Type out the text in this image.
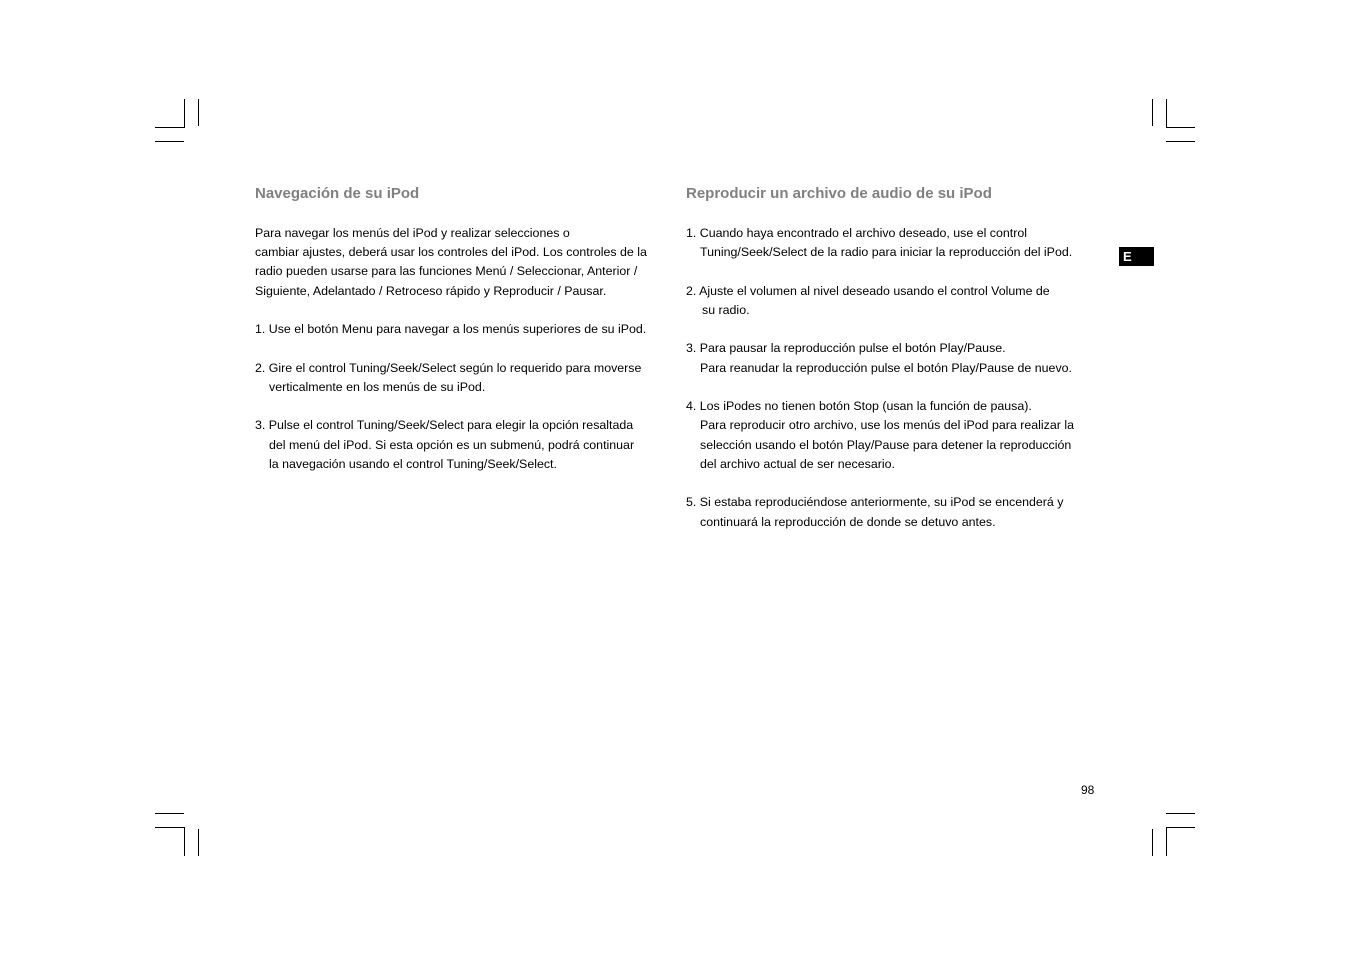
Navegación de su iPod
Para navegar los menús del iPod y realizar selecciones o
cambiar ajustes, deberá usar los controles del iPod. Los controles de la
radio pueden usarse para las funciones Menú / Seleccionar, Anterior /
Siguiente, Adelantado / Retroceso rápido y Reproducir / Pausar.
1. Use el botón Menu para navegar a los menús superiores de su iPod.
2. Gire el control Tuning/Seek/Select según lo requerido para moverse
verticalmente en los menús de su iPod.
3. Pulse el control Tuning/Seek/Select para elegir la opción resaltada
del menú del iPod. Si esta opción es un submenú, podrá continuar
la navegación usando el control Tuning/Seek/Select.
Reproducir un archivo de audio de su iPod
1. Cuando haya encontrado el archivo deseado, use el control
Tuning/Seek/Select de la radio para iniciar la reproducción del iPod.
2. Ajuste el volumen al nivel deseado usando el control Volume de
su radio.
3. Para pausar la reproducción pulse el botón Play/Pause.
Para reanudar la reproducción pulse el botón Play/Pause de nuevo.
4. Los iPodes no tienen botón Stop (usan la función de pausa).
Para reproducir otro archivo, use los menús del iPod para realizar la
selección usando el botón Play/Pause para detener la reproducción
del archivo actual de ser necesario.
5. Si estaba reproduciéndose anteriormente, su iPod se encenderá y
continuará la reproducción de donde se detuvo antes.
E
98
